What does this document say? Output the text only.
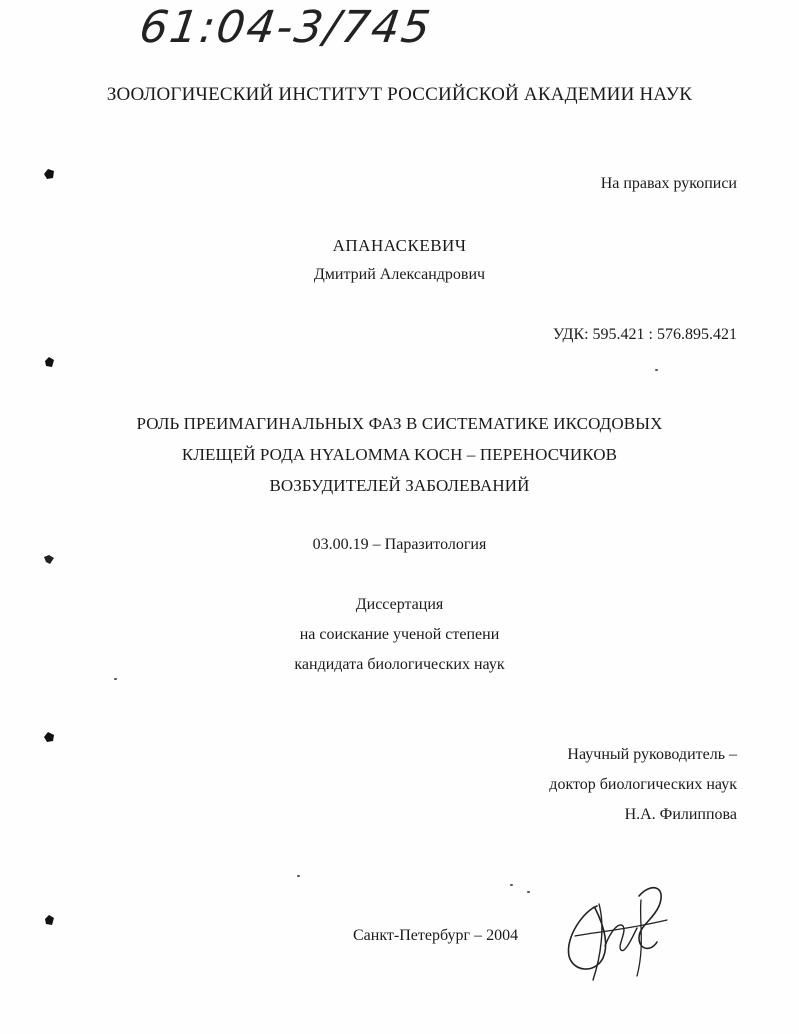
61:04-3/745
ЗООЛОГИЧЕСКИЙ ИНСТИТУТ РОССИЙСКОЙ АКАДЕМИИ НАУК
На правах рукописи
АПАНАСКЕВИЧ
Дмитрий Александрович
УДК: 595.421 : 576.895.421
РОЛЬ ПРЕИМАГИНАЛЬНЫХ ФАЗ В СИСТЕМАТИКЕ ИКСОДОВЫХ
КЛЕЩЕЙ РОДА HYALOMMA KOCH – ПЕРЕНОСЧИКОВ
ВОЗБУДИТЕЛЕЙ ЗАБОЛЕВАНИЙ
03.00.19 – Паразитология
Диссертация
на соискание ученой степени
кандидата биологических наук
Научный руководитель –
доктор биологических наук
Н.А. Филиппова
Санкт-Петербург – 2004
